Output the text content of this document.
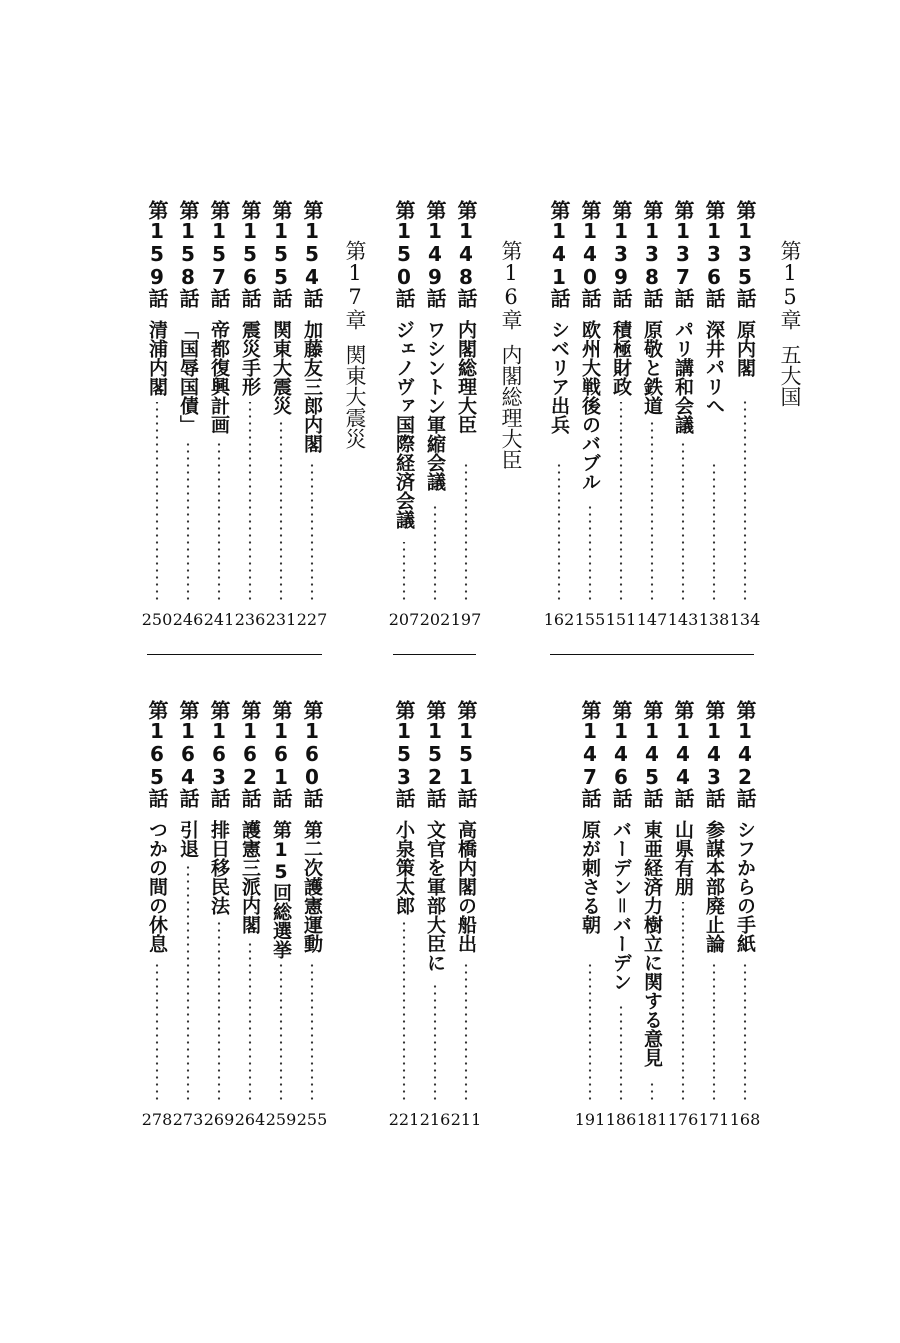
第15章五大国
第16章内閣総理大臣
第17章関東大震災
第135話
原内閣
134
第136話
深井パリへ
138
第137話
パリ講和会議
143
第138話
原敬と鉄道
147
第139話
積極財政
151
第140話
欧州大戦後のバブル
155
第141話
シベリア出兵
162
第148話
内閣総理大臣
197
第149話
ワシントン軍縮会議
202
第150話
ジェノヴァ国際経済会議
207
第154話
加藤友三郎内閣
227
第155話
関東大震災
231
第156話
震災手形
236
第157話
帝都復興計画
241
第158話
「国辱国債」
246
第159話
清浦内閣
250
第142話
シフからの手紙
168
第143話
参謀本部廃止論
171
第144話
山県有朋
176
第145話
東亜経済力樹立に関する意見
181
第146話
バーデン＝バーデン
186
第147話
原が刺さる朝
191
第151話
高橋内閣の船出
211
第152話
文官を軍部大臣に
216
第153話
小泉策太郎
221
第160話
第二次護憲運動
255
第161話
第15回総選挙
259
第162話
護憲三派内閣
264
第163話
排日移民法
269
第164話
引退
273
第165話
つかの間の休息
278
